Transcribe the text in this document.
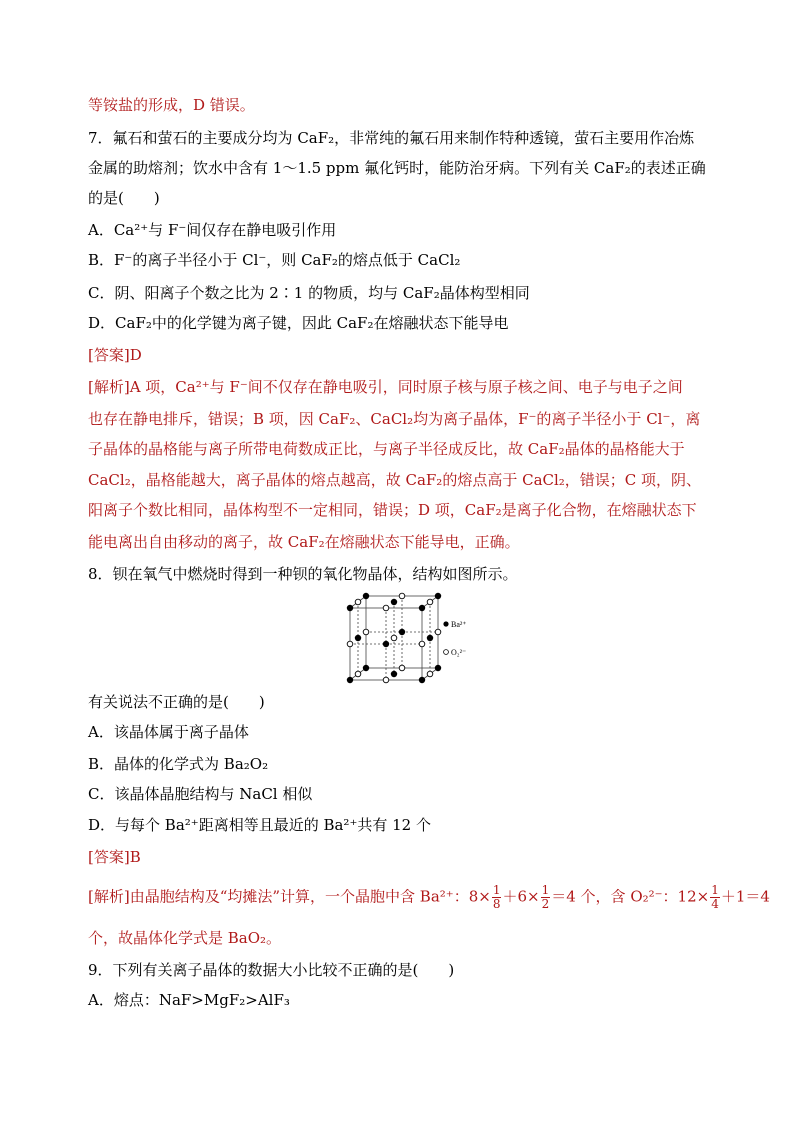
等铵盐的形成，D 错误。
7．氟石和萤石的主要成分均为 CaF₂，非常纯的氟石用来制作特种透镜，萤石主要用作冶炼
金属的助熔剂；饮水中含有 1～1.5 ppm 氟化钙时，能防治牙病。下列有关 CaF₂的表述正确
的是(　　)
A．Ca²⁺与 F⁻间仅存在静电吸引作用
B．F⁻的离子半径小于 Cl⁻，则 CaF₂的熔点低于 CaCl₂
C．阴、阳离子个数之比为 2∶1 的物质，均与 CaF₂晶体构型相同
D．CaF₂中的化学键为离子键，因此 CaF₂在熔融状态下能导电
[答案]D
[解析]A 项，Ca²⁺与 F⁻间不仅存在静电吸引，同时原子核与原子核之间、电子与电子之间
也存在静电排斥，错误；B 项，因 CaF₂、CaCl₂均为离子晶体，F⁻的离子半径小于 Cl⁻，离
子晶体的晶格能与离子所带电荷数成正比，与离子半径成反比，故 CaF₂晶体的晶格能大于
CaCl₂，晶格能越大，离子晶体的熔点越高，故 CaF₂的熔点高于 CaCl₂，错误；C 项，阴、
阳离子个数比相同，晶体构型不一定相同，错误；D 项，CaF₂是离子化合物，在熔融状态下
能电离出自由移动的离子，故 CaF₂在熔融状态下能导电，正确。
8．钡在氧气中燃烧时得到一种钡的氧化物晶体，结构如图所示。
有关说法不正确的是(　　)
A．该晶体属于离子晶体
B．晶体的化学式为 Ba₂O₂
C．该晶体晶胞结构与 NaCl 相似
D．与每个 Ba²⁺距离相等且最近的 Ba²⁺共有 12 个
[答案]B
Ba²⁺
O₂²⁻
[解析]由晶胞结构及“均摊法”计算，一个晶胞中含 Ba²⁺：$8\times \frac{1}{8} +6\times \frac{1}{2} =4$ 个，含 O₂²⁻：$12\times \frac{1}{4} +1=4$
个，故晶体化学式是 BaO₂。
9．下列有关离子晶体的数据大小比较不正确的是(　　)
A．熔点：NaF>MgF₂>AlF₃
